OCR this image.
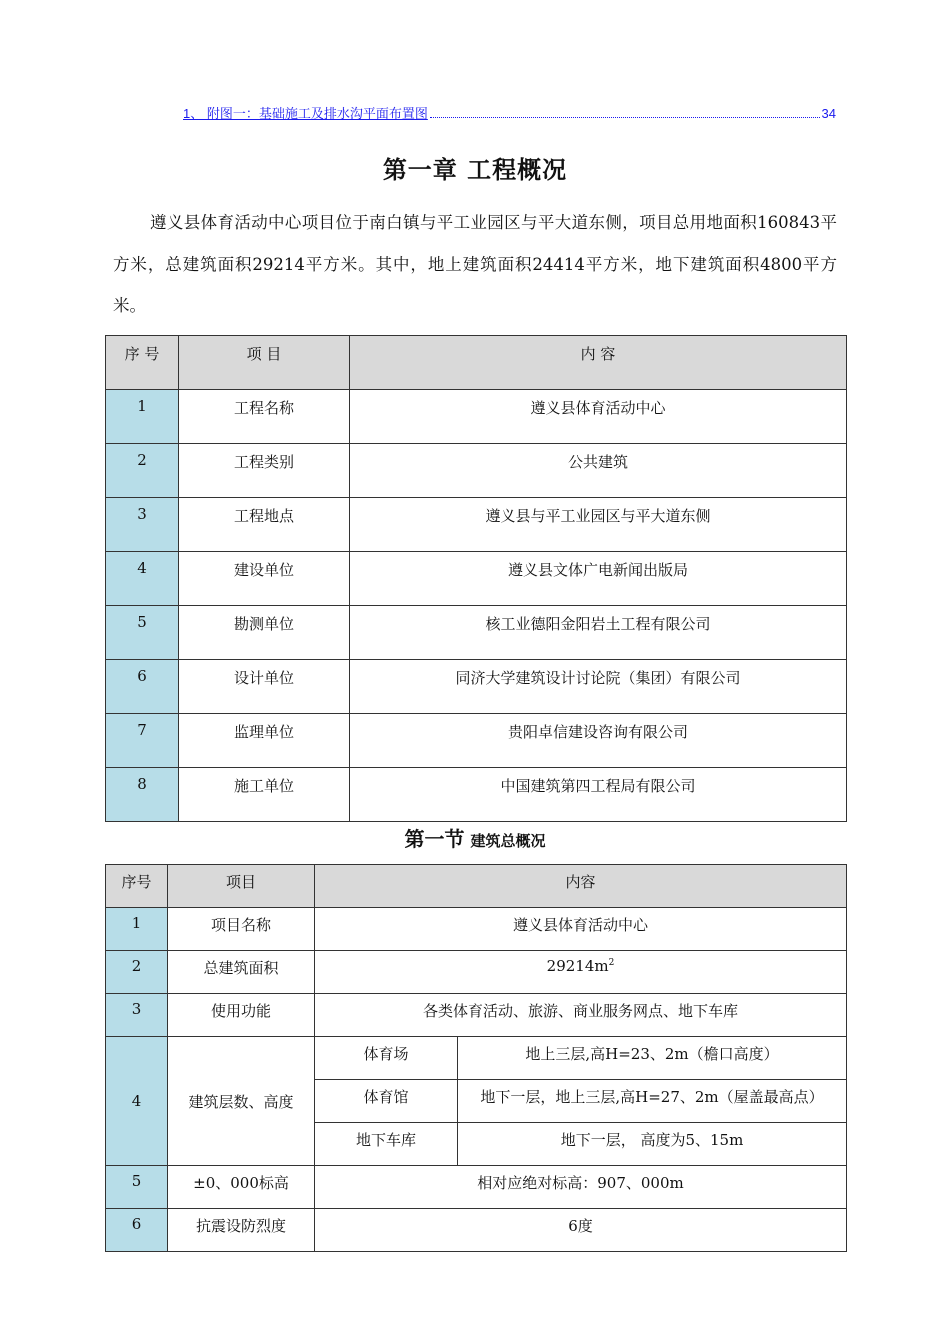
1、 附图一：基础施工及排水沟平面布置图	34
第一章 工程概况

遵义县体育活动中心项目位于南白镇与平工业园区与平大道东侧，项目总用地面积160843平方米，总建筑面积29214平方米。其中，地上建筑面积24414平方米，地下建筑面积4800平方米。

序 号	项 目	内 容
1	工程名称	遵义县体育活动中心
2	工程类别	公共建筑
3	工程地点	遵义县与平工业园区与平大道东侧
4	建设单位	遵义县文体广电新闻出版局
5	勘测单位	核工业德阳金阳岩土工程有限公司
6	设计单位	同济大学建筑设计讨论院（集团）有限公司
7	监理单位	贵阳卓信建设咨询有限公司
8	施工单位	中国建筑第四工程局有限公司
第一节 建筑总概况
序号	项目	内容	
1	项目名称	遵义县体育活动中心	
2	总建筑面积	$29214m^2$
3	使用功能	各类体育活动、旅游、商业服务网点、地下车库	
4	建筑层数、高度	体育场	地上三层,高H=23、2m（檐口高度）
		体育馆	地下一层，地上三层,高H=27、2m（屋盖最高点）
		地下车库	地下一层， 高度为5、15m
5	±0、000标高	相对应绝对标高：907、000m	
6	抗震设防烈度	6度	
